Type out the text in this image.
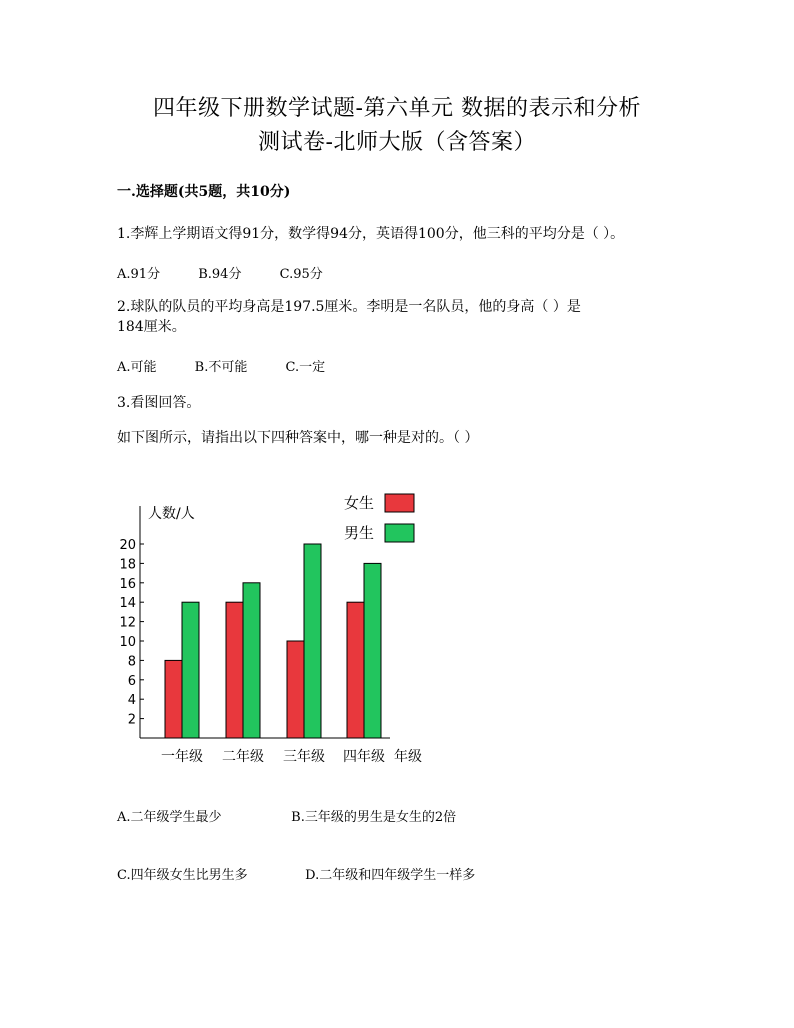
四年级下册数学试题-第六单元 数据的表示和分析
测试卷-北师大版（含答案）
一.选择题(共5题，共10分)
1.李辉上学期语文得91分，数学得94分，英语得100分，他三科的平均分是（ ）。
A.91分	B.94分	C.95分
2.球队的队员的平均身高是197.5厘米。李明是一名队员，他的身高（ ）是184厘米。
A.可能	B.不可能	C.一定
3.看图回答。
如下图所示，请指出以下四种答案中，哪一种是对的。（ ）
人数/人
年级
2
4
6
8
10
12
14
16
18
20
一年级 二年级 三年级 四年级
女生
男生
A.二年级学生最少	B.三年级的男生是女生的2倍
C.四年级女生比男生多	D.二年级和四年级学生一样多
